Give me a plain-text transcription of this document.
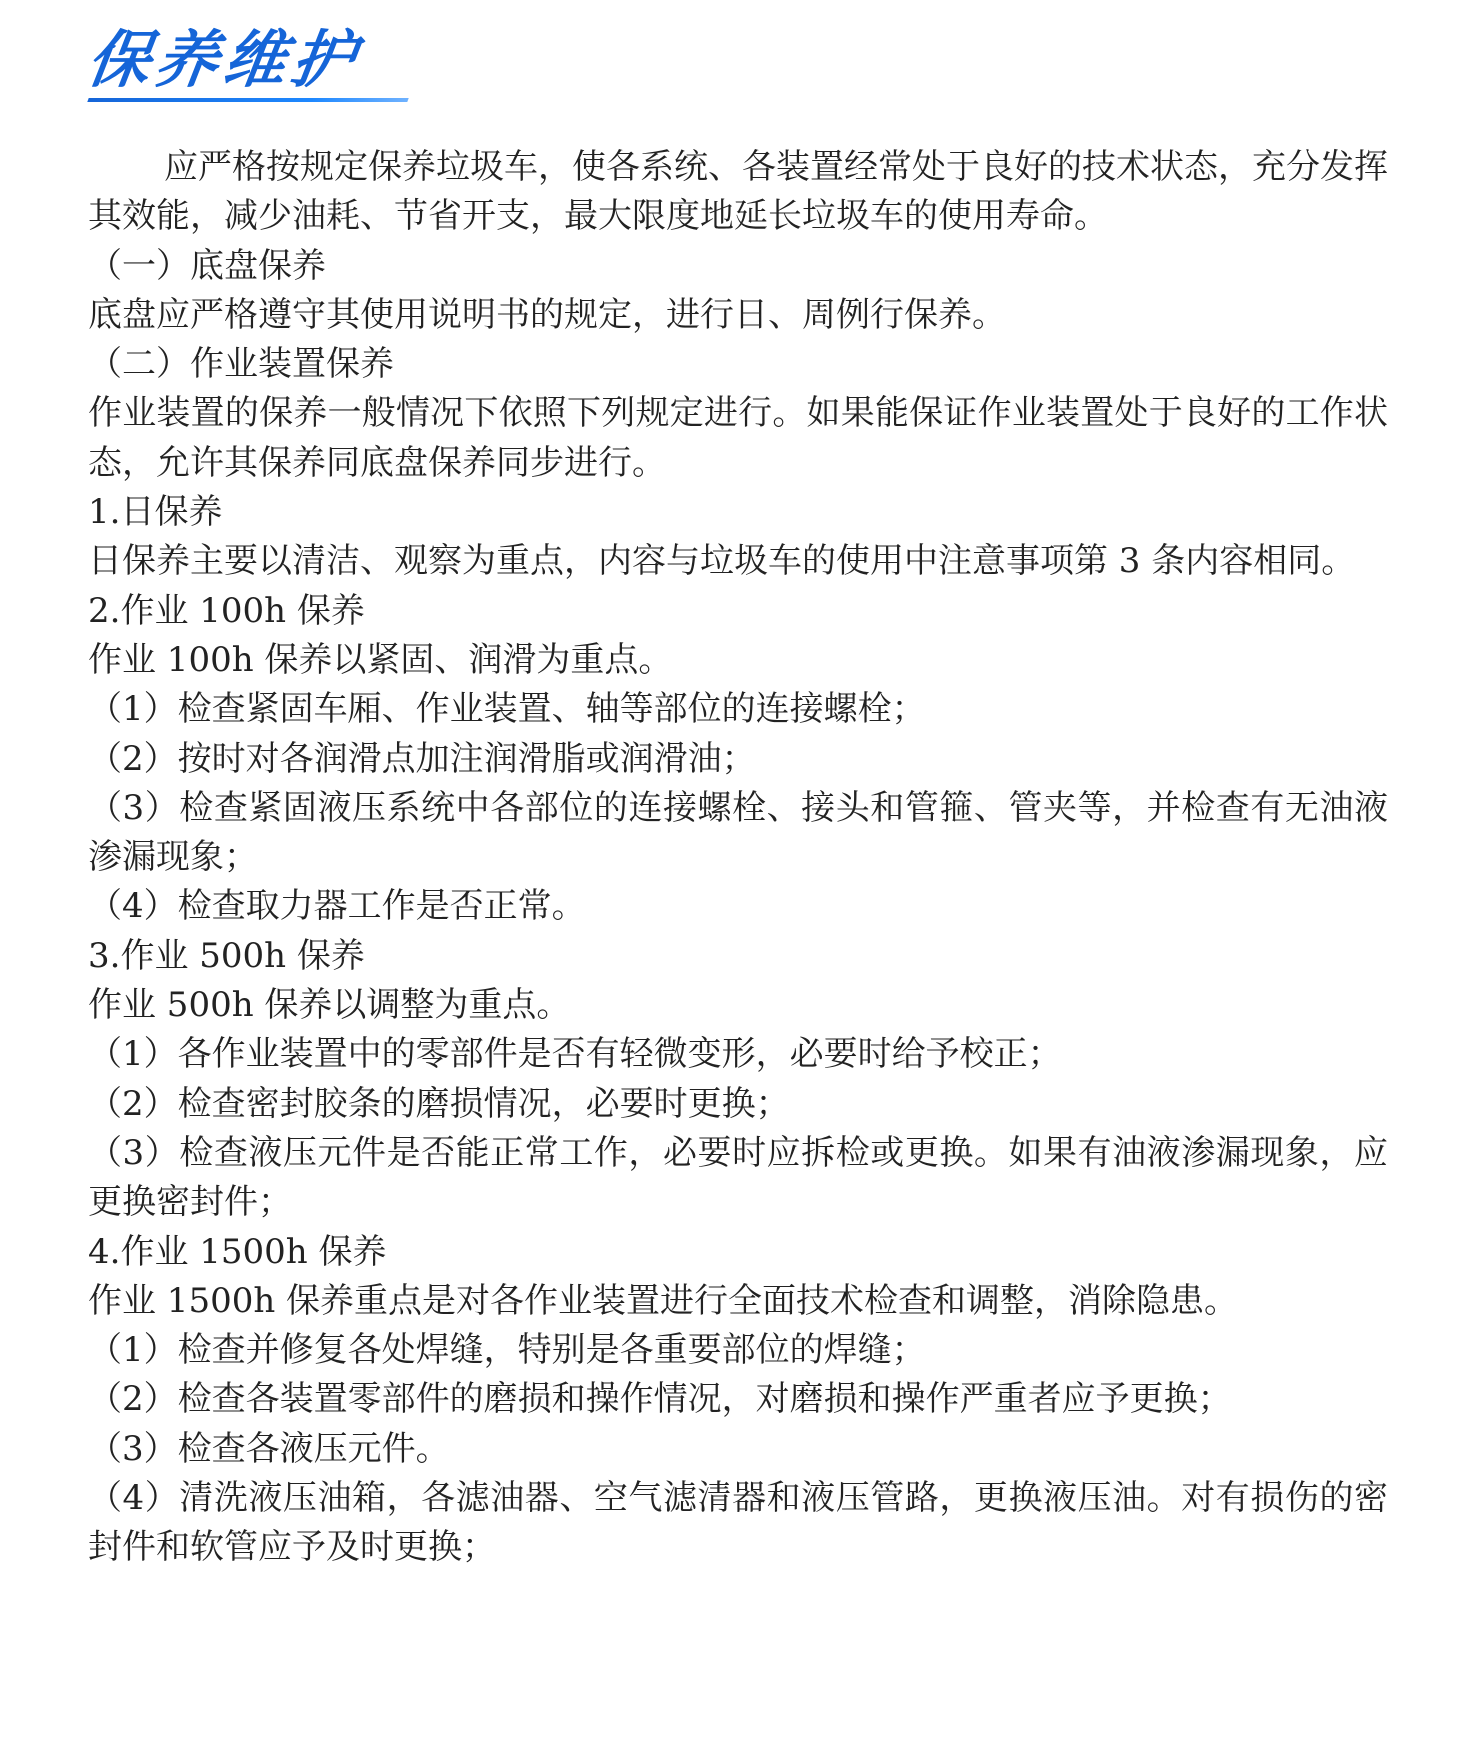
保养维护

应严格按规定保养垃圾车，使各系统、各装置经常处于良好的技术状态，充分发挥其效能，减少油耗、节省开支，最大限度地延长垃圾车的使用寿命。

（一）底盘保养

底盘应严格遵守其使用说明书的规定，进行日、周例行保养。

（二）作业装置保养

作业装置的保养一般情况下依照下列规定进行。如果能保证作业装置处于良好的工作状态，允许其保养同底盘保养同步进行。

1.日保养

日保养主要以清洁、观察为重点，内容与垃圾车的使用中注意事项第 3 条内容相同。

2.作业 100h 保养

作业 100h 保养以紧固、润滑为重点。

（1）检查紧固车厢、作业装置、轴等部位的连接螺栓；

（2）按时对各润滑点加注润滑脂或润滑油；

（3）检查紧固液压系统中各部位的连接螺栓、接头和管箍、管夹等，并检查有无油液　渗漏现象；

（4）检查取力器工作是否正常。

3.作业 500h 保养

作业 500h 保养以调整为重点。

（1）各作业装置中的零部件是否有轻微变形，必要时给予校正；

（2）检查密封胶条的磨损情况，必要时更换；

（3）检查液压元件是否能正常工作，必要时应拆检或更换。如果有油液渗漏现象，应更换密封件；

4.作业 1500h 保养

作业 1500h 保养重点是对各作业装置进行全面技术检查和调整，消除隐患。

（1）检查并修复各处焊缝，特别是各重要部位的焊缝；

（2）检查各装置零部件的磨损和操作情况，对磨损和操作严重者应予更换；

（3）检查各液压元件。

（4）清洗液压油箱，各滤油器、空气滤清器和液压管路，更换液压油。对有损伤的密封件和软管应予及时更换；
